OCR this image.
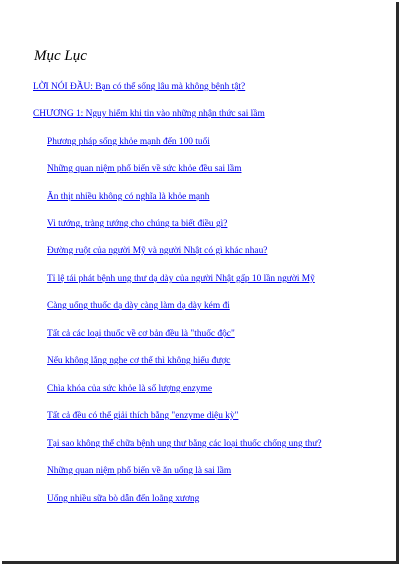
Mục Lục
LỜI NÓI ĐẦU: Bạn có thể sống lâu mà không bệnh tật?
CHƯƠNG 1: Nguy hiểm khi tin vào những nhận thức sai lầm
Phương pháp sống khỏe mạnh đến 100 tuổi
Những quan niệm phổ biến về sức khỏe đều sai lầm
Ăn thịt nhiều không có nghĩa là khỏe mạnh
Vi tướng, tràng tướng cho chúng ta biết điều gì?
Đường ruột của người Mỹ và người Nhật có gì khác nhau?
Tỉ lệ tái phát bệnh ung thư dạ dày của người Nhật gấp 10 lần người Mỹ
Càng uống thuốc dạ dày càng làm dạ dày kém đi
Tất cả các loại thuốc về cơ bản đều là "thuốc độc"
Nếu không lắng nghe cơ thể thì không hiểu được
Chìa khóa của sức khỏe là số lượng enzyme
Tất cả đều có thể giải thích bằng "enzyme diệu kỳ"
Tại sao không thể chữa bệnh ung thư bằng các loại thuốc chống ung thư?
Những quan niệm phổ biến về ăn uống là sai lầm
Uống nhiều sữa bò dẫn đến loãng xương
